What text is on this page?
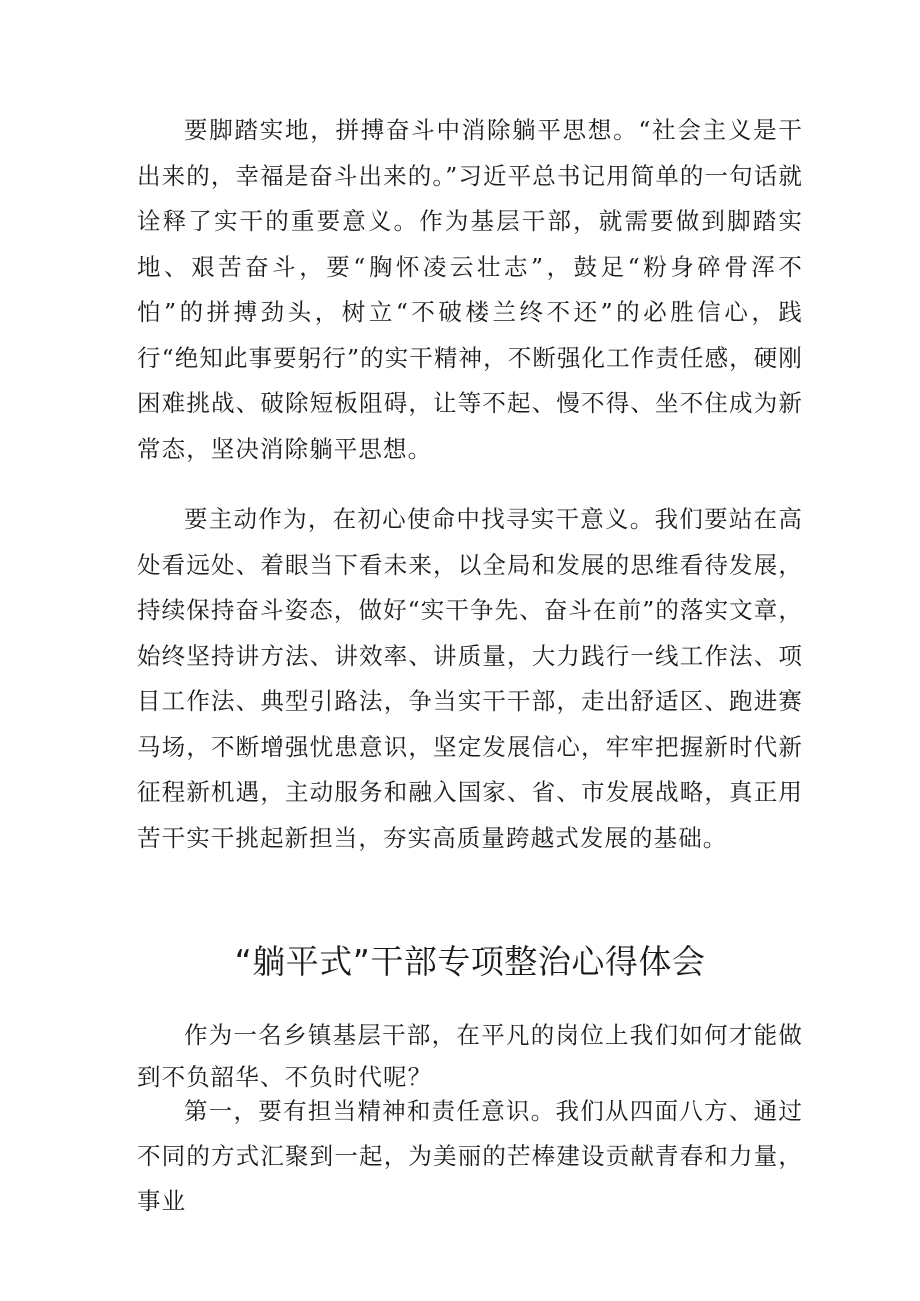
要脚踏实地，拼搏奋斗中消除躺平思想。“社会主义是干出来的，幸福是奋斗出来的。”习近平总书记用简单的一句话就诠释了实干的重要意义。作为基层干部，就需要做到脚踏实地、艰苦奋斗，要“胸怀凌云壮志”，鼓足“粉身碎骨浑不怕”的拼搏劲头，树立“不破楼兰终不还”的必胜信心，践行“绝知此事要躬行”的实干精神，不断强化工作责任感，硬刚困难挑战、破除短板阻碍，让等不起、慢不得、坐不住成为新常态，坚决消除躺平思想。

要主动作为，在初心使命中找寻实干意义。我们要站在高处看远处、着眼当下看未来，以全局和发展的思维看待发展，持续保持奋斗姿态，做好“实干争先、奋斗在前”的落实文章，始终坚持讲方法、讲效率、讲质量，大力践行一线工作法、项目工作法、典型引路法，争当实干干部，走出舒适区、跑进赛马场，不断增强忧患意识，坚定发展信心，牢牢把握新时代新征程新机遇，主动服务和融入国家、省、市发展战略，真正用苦干实干挑起新担当，夯实高质量跨越式发展的基础。

“躺平式”干部专项整治心得体会

作为一名乡镇基层干部，在平凡的岗位上我们如何才能做到不负韶华、不负时代呢？

第一，要有担当精神和责任意识。我们从四面八方、通过不同的方式汇聚到一起，为美丽的芒棒建设贡献青春和力量，事业
